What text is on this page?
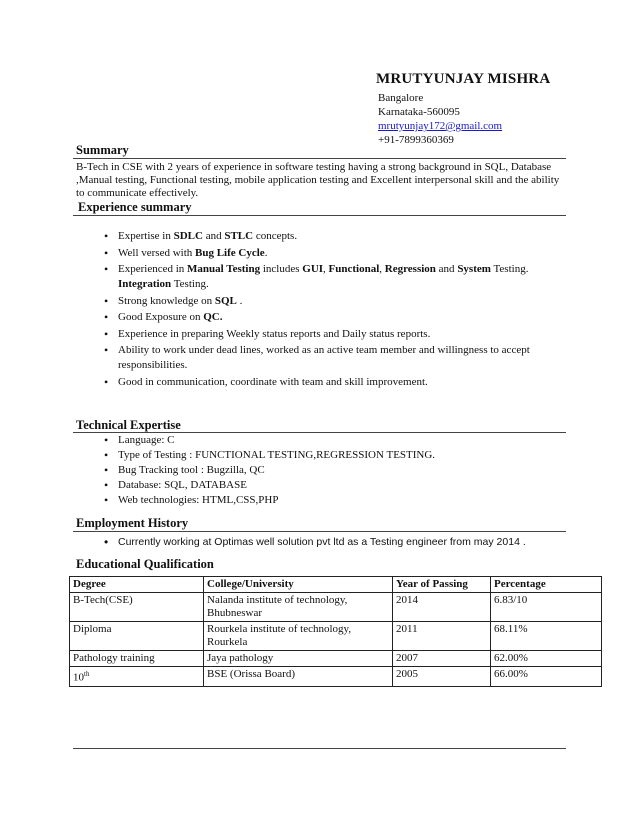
MRUTYUNJAY MISHRA
Bangalore
Karnataka-560095
mrutyunjay172@gmail.com
+91-7899360369
Summary
B-Tech in CSE with 2 years of experience in software testing having a strong background in SQL, Database ,Manual testing, Functional testing, mobile application testing and Excellent interpersonal skill and the ability to communicate effectively.
Experience summary
• Expertise in SDLC and STLC concepts.
• Well versed with Bug Life Cycle.
• Experienced in Manual Testing includes GUI, Functional, Regression and System Testing. Integration Testing.
• Strong knowledge on SQL .
• Good Exposure on QC.
• Experience in preparing Weekly status reports and Daily status reports.
• Ability to work under dead lines, worked as an active team member and willingness to accept responsibilities.
• Good in communication, coordinate with team and skill improvement.
Technical Expertise
• Language: C
• Type of Testing : FUNCTIONAL TESTING,REGRESSION TESTING.
• Bug Tracking tool : Bugzilla, QC
• Database: SQL, DATABASE
• Web technologies: HTML,CSS,PHP
Employment History
• Currently working at Optimas well solution pvt ltd as a Testing engineer from may 2014 .
Educational Qualification
Degree	College/University	Year of Passing	Percentage
B-Tech(CSE)	Nalanda institute of technology, Bhubneswar	2014	6.83/10
Diploma	Rourkela institute of technology, Rourkela	2011	68.11%
Pathology training	Jaya pathology	2007	62.00%
10th	BSE (Orissa Board)	2005	66.00%
